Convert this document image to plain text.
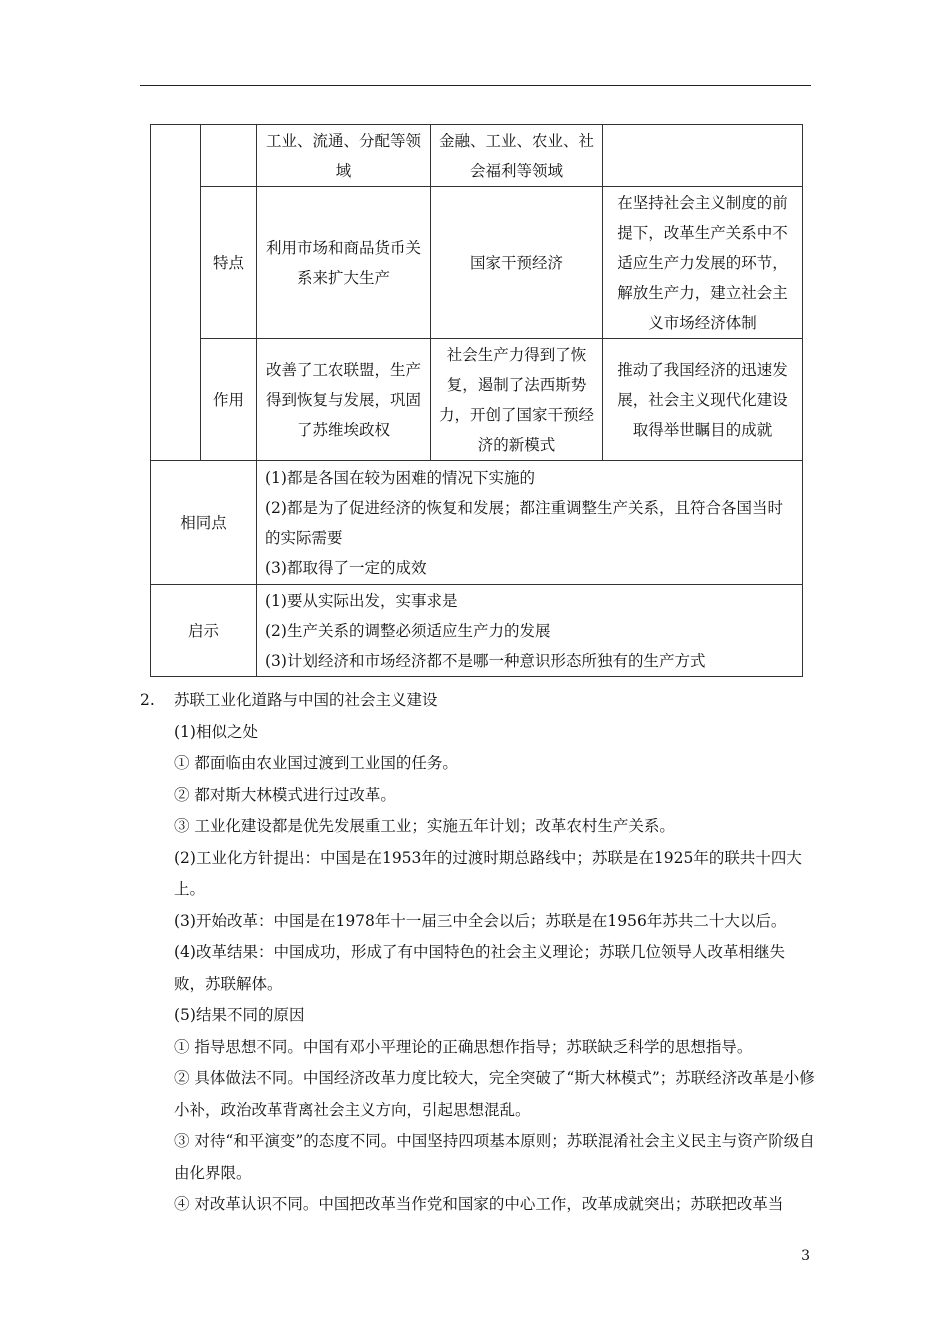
		工业、流通、分配等领域	金融、工业、农业、社会福利等领域	
	特点	利用市场和商品货币关系来扩大生产	国家干预经济	在坚持社会主义制度的前提下，改革生产关系中不适应生产力发展的环节，解放生产力，建立社会主义市场经济体制
	作用	改善了工农联盟，生产得到恢复与发展，巩固了苏维埃政权	社会生产力得到了恢复，遏制了法西斯势力，开创了国家干预经济的新模式	推动了我国经济的迅速发展，社会主义现代化建设取得举世瞩目的成就
相同点		(1)都是各国在较为困难的情况下实施的
(2)都是为了促进经济的恢复和发展；都注重调整生产关系，且符合各国当时的实际需要
(3)都取得了一定的成效		

启示		(1)要从实际出发，实事求是
(2)生产关系的调整必须适应生产力的发展
(3)计划经济和市场经济都不是哪一种意识形态所独有的生产方式		
2. 苏联工业化道路与中国的社会主义建设
(1)相似之处
① 都面临由农业国过渡到工业国的任务。
② 都对斯大林模式进行过改革。
③ 工业化建设都是优先发展重工业；实施五年计划；改革农村生产关系。
(2)工业化方针提出：中国是在1953年的过渡时期总路线中；苏联是在1925年的联共十四大上。
(3)开始改革：中国是在1978年十一届三中全会以后；苏联是在1956年苏共二十大以后。
(4)改革结果：中国成功，形成了有中国特色的社会主义理论；苏联几位领导人改革相继失败，苏联解体。
(5)结果不同的原因
① 指导思想不同。中国有邓小平理论的正确思想作指导；苏联缺乏科学的思想指导。
② 具体做法不同。中国经济改革力度比较大，完全突破了“斯大林模式”；苏联经济改革是小修小补，政治改革背离社会主义方向，引起思想混乱。
③ 对待“和平演变”的态度不同。中国坚持四项基本原则；苏联混淆社会主义民主与资产阶级自由化界限。
④ 对改革认识不同。中国把改革当作党和国家的中心工作，改革成就突出；苏联把改革当
3
